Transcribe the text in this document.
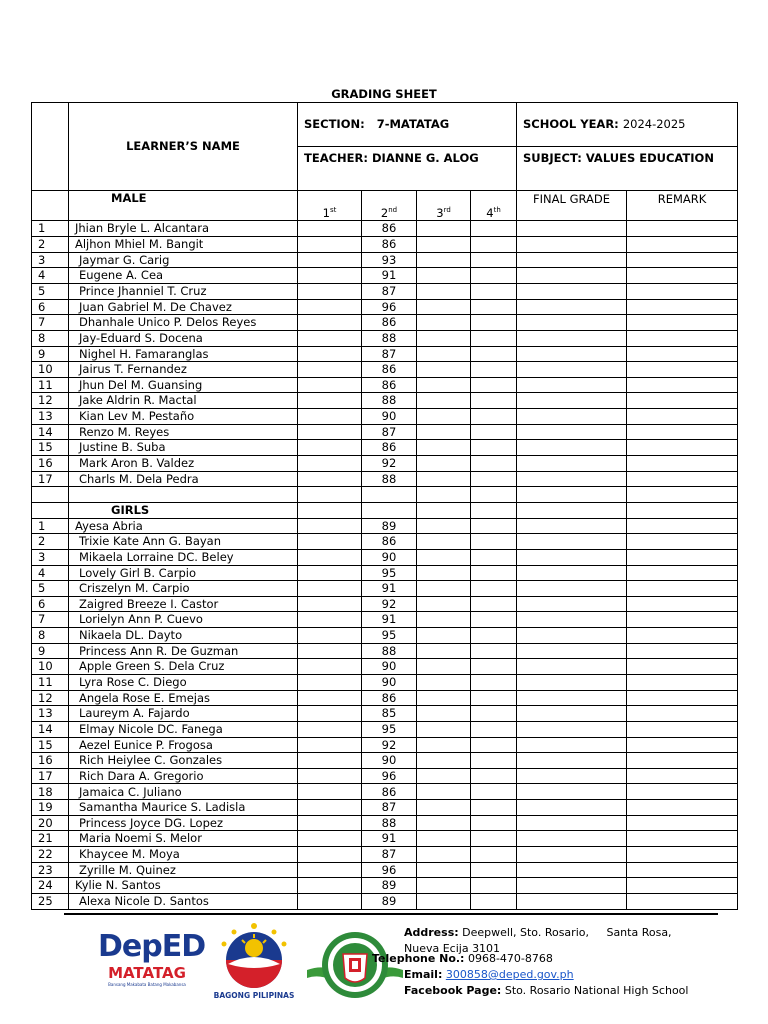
GRADING SHEET
	LEARNER’S NAME	SECTION: 7-MATATAG				SCHOOL YEAR: 2024-2025	
		TEACHER: DIANNE G. ALOG				SUBJECT: VALUES EDUCATION	
	MALE	1st	2nd	3rd	4th	FINAL GRADE	REMARK
1	Jhian Bryle L. Alcantara		86				
2	Aljhon Mhiel M. Bangit		86				
3	Jaymar G. Carig		93				
4	Eugene A. Cea		91				
5	Prince Jhanniel T. Cruz		87				
6	Juan Gabriel M. De Chavez		96				
7	Dhanhale Unico P. Delos Reyes		86				
8	Jay-Eduard S. Docena		88				
9	Nighel H. Famaranglas		87				
10	Jairus T. Fernandez		86				
11	Jhun Del M. Guansing		86				
12	Jake Aldrin R. Mactal		88				
13	Kian Lev M. Pestaño		90				
14	Renzo M. Reyes		87				
15	Justine B. Suba		86				
16	Mark Aron B. Valdez		92				
17	Charls M. Dela Pedra		88				

	GIRLS						
1	Ayesa Abria		89				
2	Trixie Kate Ann G. Bayan		86				
3	Mikaela Lorraine DC. Beley		90				
4	Lovely Girl B. Carpio		95				
5	Criszelyn M. Carpio		91				
6	Zaigred Breeze I. Castor		92				
7	Lorielyn Ann P. Cuevo		91				
8	Nikaela DL. Dayto		95				
9	Princess Ann R. De Guzman		88				
10	Apple Green S. Dela Cruz		90				
11	Lyra Rose C. Diego		90				
12	Angela Rose E. Emejas		86				
13	Laureym A. Fajardo		85				
14	Elmay Nicole DC. Fanega		95				
15	Aezel Eunice P. Frogosa		92				
16	Rich Heiylee C. Gonzales		90				
17	Rich Dara A. Gregorio		96				
18	Jamaica C. Juliano		86				
19	Samantha Maurice S. Ladisla		87				
20	Princess Joyce DG. Lopez		88				
21	Maria Noemi S. Melor		91				
22	Khaycee M. Moya		87				
23	Zyrille M. Quinez		96				
24	Kylie N. Santos		89				
25	Alexa Nicole D. Santos		89				
DepED
MATATAG
Bansang Makabata Batang Makabansa
BAGONG PILIPINAS
Address: Deepwell, Sto. Rosario,     Santa Rosa,
Nueva Ecija 3101
Telephone No.: 0968-470-8768
Email: 300858@deped.gov.ph
Facebook Page: Sto. Rosario National High School
